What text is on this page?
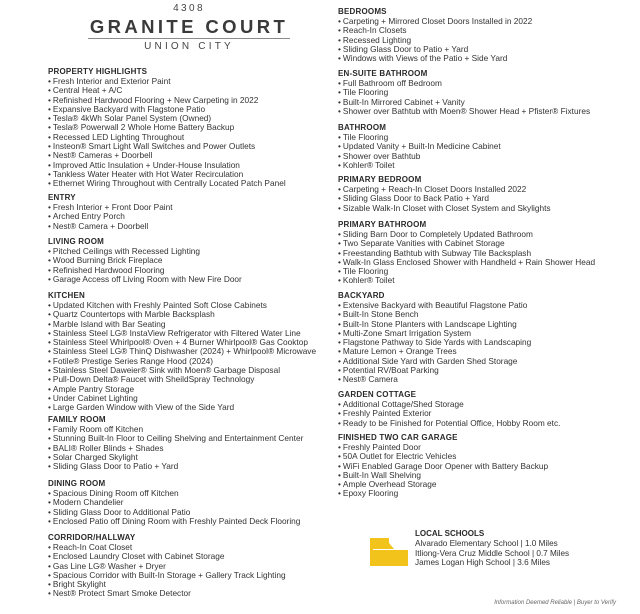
4308
GRANITE COURT
UNION CITY
PROPERTY HIGHLIGHTS
• Fresh Interior and Exterior Paint
• Central Heat + A/C
• Refinished Hardwood Flooring + New Carpeting in 2022
• Expansive Backyard with Flagstone Patio
• Tesla® 4kWh Solar Panel System (Owned)
• Tesla® Powerwall 2 Whole Home Battery Backup
• Recessed LED Lighting Throughout
• Insteon® Smart Light Wall Switches and Power Outlets
• Nest® Cameras + Doorbell
• Improved Attic Insulation + Under-House Insulation
• Tankless Water Heater with Hot Water Recirculation
• Ethernet Wiring Throughout with Centrally Located Patch Panel
ENTRY
• Fresh Interior + Front Door Paint
• Arched Entry Porch
• Nest® Camera + Doorbell
LIVING ROOM
• Pitched Ceilings with Recessed Lighting
• Wood Burning Brick Fireplace
• Refinished Hardwood Flooring
• Garage Access off Living Room with New Fire Door
KITCHEN
• Updated Kitchen with Freshly Painted Soft Close Cabinets
• Quartz Countertops with Marble Backsplash
• Marble Island with Bar Seating
• Stainless Steel LG® InstaView Refrigerator with Filtered Water Line
• Stainless Steel Whirlpool® Oven + 4 Burner Whirlpool® Gas Cooktop
• Stainless Steel LG® ThinQ Dishwasher (2024) + Whirlpool® Microwave
• Fotile® Prestige Series Range Hood (2024)
• Stainless Steel Daweier® Sink with Moen® Garbage Disposal
• Pull-Down Delta® Faucet with SheildSpray Technology
• Ample Pantry Storage
• Under Cabinet Lighting
• Large Garden Window with View of the Side Yard
FAMILY ROOM
• Family Room off Kitchen
• Stunning Built-In Floor to Ceiling Shelving and Entertainment Center
• BALI® Roller Blinds + Shades
• Solar Charged Skylight
• Sliding Glass Door to Patio + Yard
DINING ROOM
• Spacious Dining Room off Kitchen
• Modern Chandelier
• Sliding Glass Door to Additional Patio
• Enclosed Patio off Dining Room with Freshly Painted Deck Flooring
CORRIDOR/HALLWAY
• Reach-In Coat Closet
• Enclosed Laundry Closet with Cabinet Storage
• Gas Line LG® Washer + Dryer
• Spacious Corridor with Built-In Storage + Gallery Track Lighting
• Bright Skylight
• Nest® Protect Smart Smoke Detector
BEDROOMS
• Carpeting + Mirrored Closet Doors Installed in 2022
• Reach-In Closets
• Recessed Lighting
• Sliding Glass Door to Patio + Yard
• Windows with Views of the Patio + Side Yard
EN-SUITE BATHROOM
• Full Bathroom off Bedroom
• Tile Flooring
• Built-In Mirrored Cabinet + Vanity
• Shower over Bathtub with Moen® Shower Head + Pfister® Fixtures
BATHROOM
• Tile Flooring
• Updated Vanity + Built-In Medicine Cabinet
• Shower over Bathtub
• Kohler® Toilet
PRIMARY BEDROOM
• Carpeting + Reach-In Closet Doors Installed 2022
• Sliding Glass Door to Back Patio + Yard
• Sizable Walk-In Closet with Closet System and Skylights
PRIMARY BATHROOM
• Sliding Barn Door to Completely Updated Bathroom
• Two Separate Vanities with Cabinet Storage
• Freestanding Bathtub with Subway Tile Backsplash
• Walk-In Glass Enclosed Shower with Handheld + Rain Shower Head
• Tile Flooring
• Kohler® Toilet
BACKYARD
• Extensive Backyard with Beautiful Flagstone Patio
• Built-In Stone Bench
• Built-In Stone Planters with Landscape Lighting
• Multi-Zone Smart Irrigation System
• Flagstone Pathway to Side Yards with Landscaping
• Mature Lemon + Orange Trees
• Additional Side Yard with Garden Shed Storage
• Potential RV/Boat Parking
• Nest® Camera
GARDEN COTTAGE
• Additional Cottage/Shed Storage
• Freshly Painted Exterior
• Ready to be Finished for Potential Office, Hobby Room etc.
FINISHED TWO CAR GARAGE
• Freshly Painted Door
• 50A Outlet for Electric Vehicles
• WiFi Enabled Garage Door Opener with Battery Backup
• Built-In Wall Shelving
• Ample Overhead Storage
• Epoxy Flooring
LOCAL SCHOOLS
Alvarado Elementary School | 1.0 Miles
Itliong-Vera Cruz Middle School | 0.7 Miles
James Logan High School | 3.6 Miles
Information Deemed Reliable | Buyer to Verify
